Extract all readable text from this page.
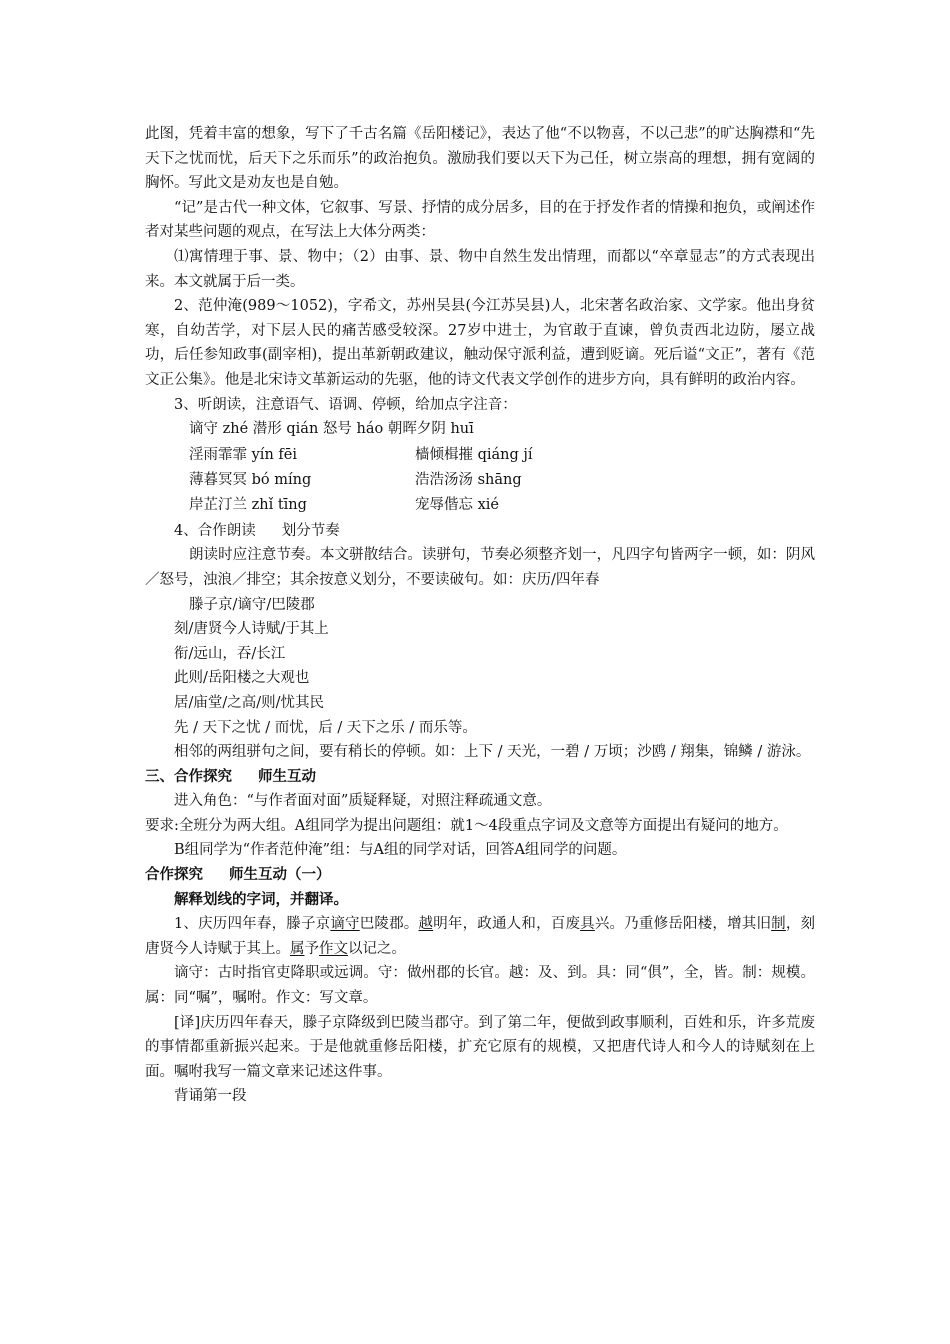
此图，凭着丰富的想象，写下了千古名篇《岳阳楼记》，表达了他“不以物喜，不以己悲”的旷达胸襟和“先天下之忧而忧，后天下之乐而乐”的政治抱负。激励我们要以天下为己任，树立崇高的理想，拥有宽阔的胸怀。写此文是劝友也是自勉。

“记”是古代一种文体，它叙事、写景、抒情的成分居多，目的在于抒发作者的情操和抱负，或阐述作者对某些问题的观点，在写法上大体分两类：

⑴寓情理于事、景、物中；（2）由事、景、物中自然生发出情理，而都以“卒章显志”的方式表现出来。本文就属于后一类。

2、范仲淹(989～1052)，字希文，苏州吴县(今江苏吴县)人，北宋著名政治家、文学家。他出身贫寒，自幼苦学，对下层人民的痛苦感受较深。27岁中进士，为官敢于直谏，曾负责西北边防，屡立战功，后任参知政事(副宰相)，提出革新朝政建议，触动保守派利益，遭到贬谪。死后谥“文正”，著有《范文正公集》。他是北宋诗文革新运动的先驱，他的诗文代表文学创作的进步方向，具有鲜明的政治内容。

3、听朗读，注意语气、语调、停顿，给加点字注音：

谪守 zhé 潜形 qián 怒号 háo 朝晖夕阴 huī
淫雨霏霏 yín fēi	樯倾楫摧 qiáng jí
薄暮冥冥 bó míng	浩浩汤汤 shāng
岸芷汀兰 zhǐ tīng	宠辱偕忘 xié

4、合作朗读 划分节奏

朗读时应注意节奏。本文骈散结合。读骈句，节奏必须整齐划一，凡四字句皆两字一顿，如：阴风／怒号，浊浪／排空；其余按意义划分，不要读破句。如：庆历/四年春

滕子京/谪守/巴陵郡

刻/唐贤今人诗赋/于其上

衔/远山，吞/长江

此则/岳阳楼之大观也

居/庙堂/之高/则/忧其民

先 / 天下之忧 / 而忧，后 / 天下之乐 / 而乐等。

相邻的两组骈句之间，要有稍长的停顿。如：上下 / 天光，一碧 / 万顷；沙鸥 / 翔集，锦鳞 / 游泳。

三、合作探究 师生互动

进入角色：“与作者面对面”质疑释疑，对照注释疏通文意。

要求:全班分为两大组。A组同学为提出问题组：就1～4段重点字词及文意等方面提出有疑问的地方。

B组同学为“作者范仲淹”组：与A组的同学对话，回答A组同学的问题。

合作探究 师生互动（一）

解释划线的字词，并翻译。

1、庆历四年春，滕子京谪守巴陵郡。越明年，政通人和，百废具兴。乃重修岳阳楼，增其旧制，刻唐贤今人诗赋于其上。属予作文以记之。

谪守：古时指官吏降职或远调。守：做州郡的长官。越：及、到。具：同“俱”，全，皆。制：规模。属：同“嘱”，嘱咐。作文：写文章。

[译]庆历四年春天，滕子京降级到巴陵当郡守。到了第二年，便做到政事顺利，百姓和乐，许多荒废的事情都重新振兴起来。于是他就重修岳阳楼，扩充它原有的规模，又把唐代诗人和今人的诗赋刻在上面。嘱咐我写一篇文章来记述这件事。

背诵第一段
